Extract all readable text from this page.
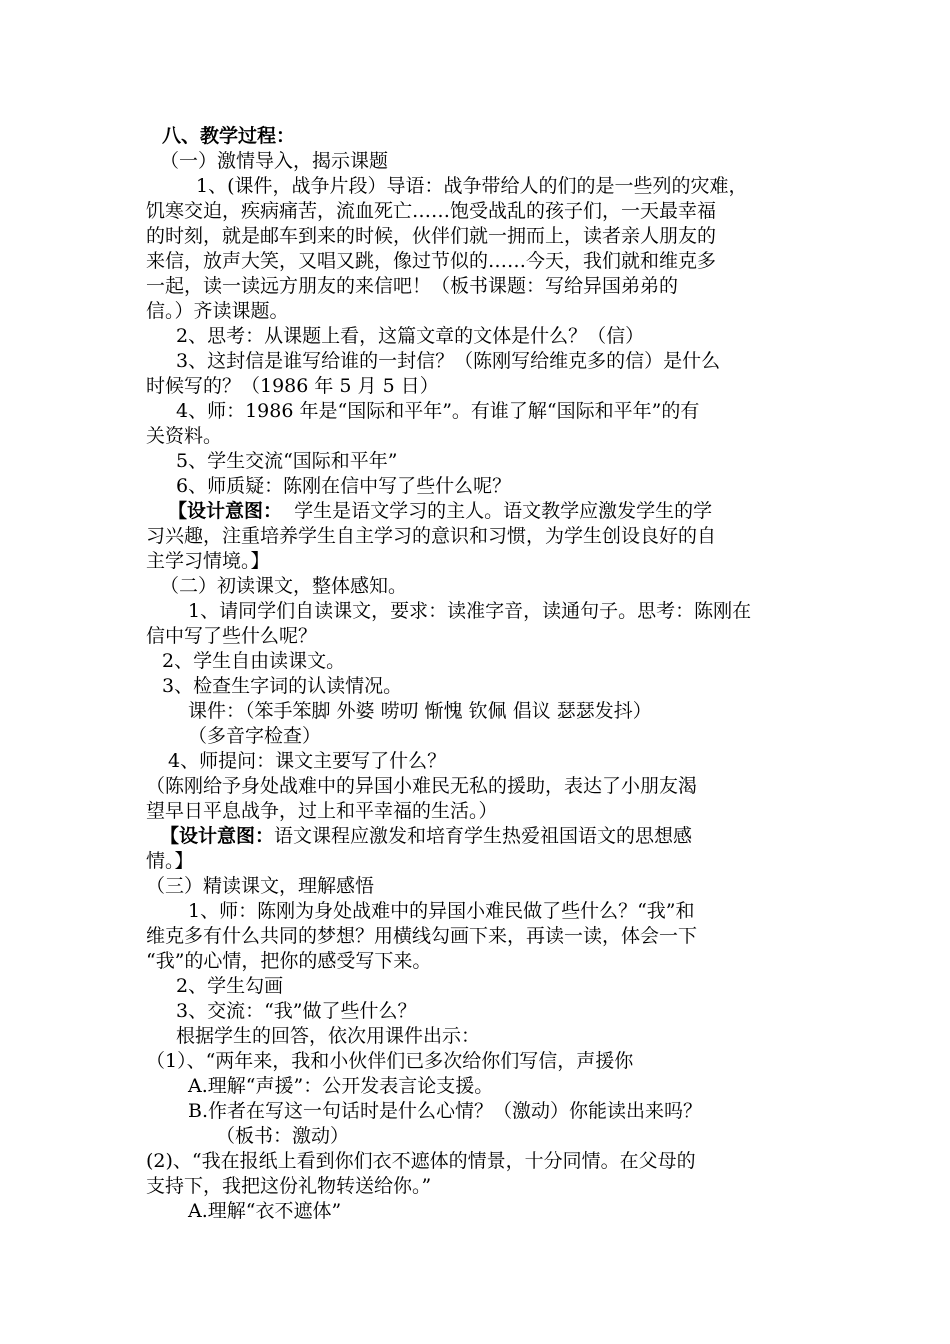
八、教学过程：
（一）激情导入，揭示课题
1、(课件，战争片段）导语：战争带给人的们的是一些列的灾难，
饥寒交迫，疾病痛苦，流血死亡……饱受战乱的孩子们，一天最幸福
的时刻，就是邮车到来的时候，伙伴们就一拥而上，读者亲人朋友的
来信，放声大笑，又唱又跳，像过节似的……今天，我们就和维克多
一起，读一读远方朋友的来信吧！（板书课题：写给异国弟弟的
信。）齐读课题。
2、思考：从课题上看，这篇文章的文体是什么？（信）
3、这封信是谁写给谁的一封信？（陈刚写给维克多的信）是什么
时候写的？（1986 年 5 月 5 日）
4、师：1986 年是“国际和平年”。有谁了解“国际和平年”的有
关资料。
5、学生交流“国际和平年”
6、师质疑：陈刚在信中写了些什么呢？
【设计意图： 学生是语文学习的主人。语文教学应激发学生的学
习兴趣，注重培养学生自主学习的意识和习惯，为学生创设良好的自
主学习情境。】
（二）初读课文，整体感知。
1、请同学们自读课文，要求：读准字音，读通句子。思考：陈刚在
信中写了些什么呢？
2、学生自由读课文。
3、检查生字词的认读情况。
课件：（笨手笨脚 外婆 唠叨 惭愧 钦佩 倡议 瑟瑟发抖）
（多音字检查）
4、师提问：课文主要写了什么？
（陈刚给予身处战难中的异国小难民无私的援助，表达了小朋友渴
望早日平息战争，过上和平幸福的生活。）
【设计意图：语文课程应激发和培育学生热爱祖国语文的思想感
情。】
（三）精读课文，理解感悟
1、师：陈刚为身处战难中的异国小难民做了些什么？“我”和
维克多有什么共同的梦想？用横线勾画下来，再读一读，体会一下
“我”的心情，把你的感受写下来。
2、学生勾画
3、交流：“我”做了些什么？
根据学生的回答，依次用课件出示：
（1）、“两年来，我和小伙伴们已多次给你们写信，声援你
A.理解“声援”：公开发表言论支援。
B.作者在写这一句话时是什么心情？（激动）你能读出来吗？
（板书：激动）
(2)、“我在报纸上看到你们衣不遮体的情景，十分同情。在父母的
支持下，我把这份礼物转送给你。”
A.理解“衣不遮体”
